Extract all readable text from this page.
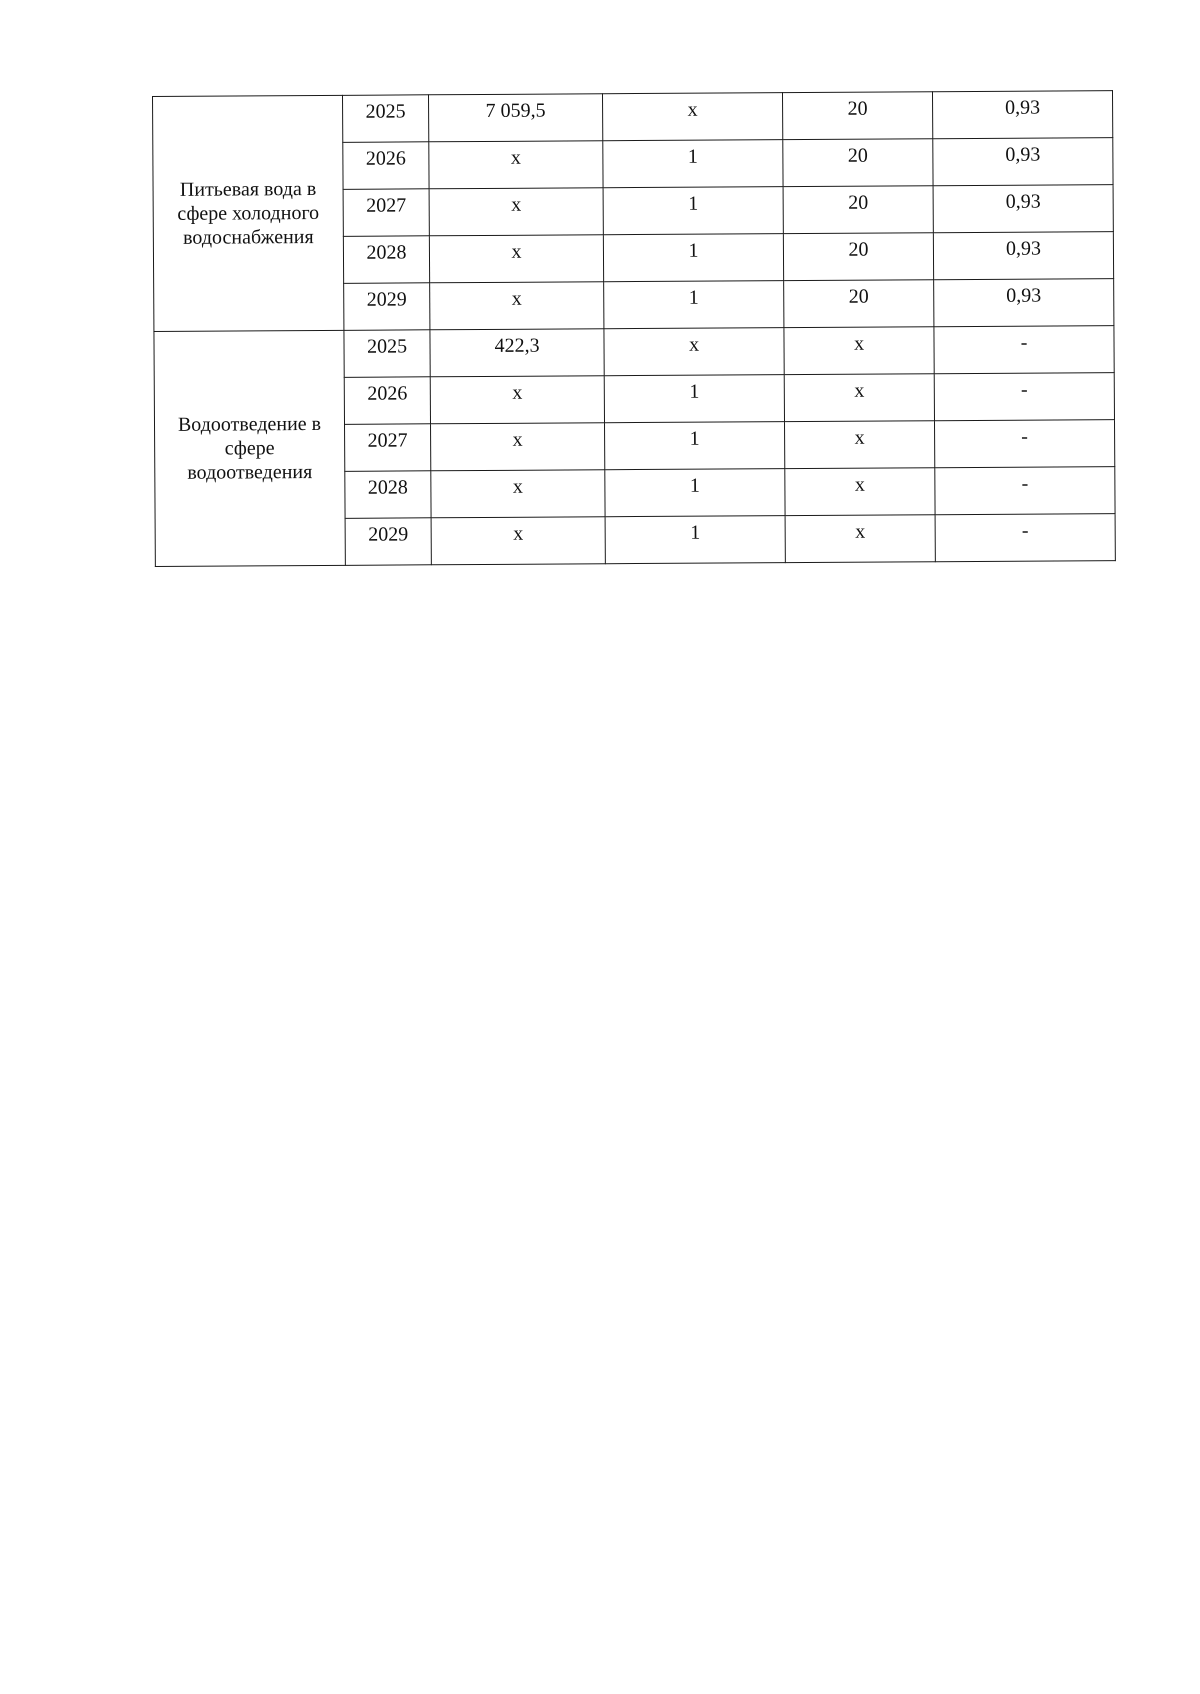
Питьевая вода в сфере холодного водоснабжения	2025	7 059,5	х	20	0,93
	2026	х	1	20	0,93
	2027	х	1	20	0,93
	2028	х	1	20	0,93
	2029	х	1	20	0,93
Водоотведение в сфере водоотведения	2025	422,3	х	х	-
	2026	х	1	х	-
	2027	х	1	х	-
	2028	х	1	х	-
	2029	х	1	х	-
